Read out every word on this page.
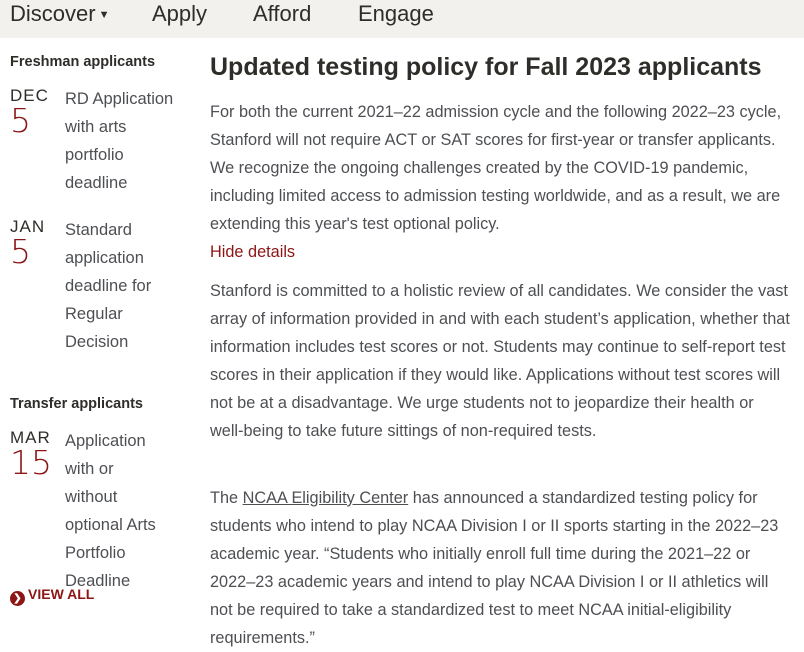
Discover ▼ Apply Afford Engage
Freshman applicants
DEC
5
RD Application
with arts
portfolio
deadline
JAN
5
Standard
application
deadline for
Regular
Decision
Transfer applicants
MAR
15
Application
with or
without
optional Arts
Portfolio
Deadline
❯ VIEW ALL
Updated testing policy for Fall 2023 applicants

For both the current 2021–22 admission cycle and the following 2022–23 cycle, Stanford will not require ACT or SAT scores for first-year or transfer applicants. We recognize the ongoing challenges created by the COVID-19 pandemic, including limited access to admission testing worldwide, and as a result, we are extending this year's test optional policy.

Hide details

Stanford is committed to a holistic review of all candidates. We consider the vast array of information provided in and with each student’s application, whether that information includes test scores or not. Students may continue to self-report test scores in their application if they would like. Applications without test scores will not be at a disadvantage. We urge students not to jeopardize their health or well-being to take future sittings of non-required tests.

The NCAA Eligibility Center has announced a standardized testing policy for students who intend to play NCAA Division I or II sports starting in the 2022–23 academic year. “Students who initially enroll full time during the 2021–22 or 2022–23 academic years and intend to play NCAA Division I or II athletics will not be required to take a standardized test to meet NCAA initial-eligibility requirements.”
